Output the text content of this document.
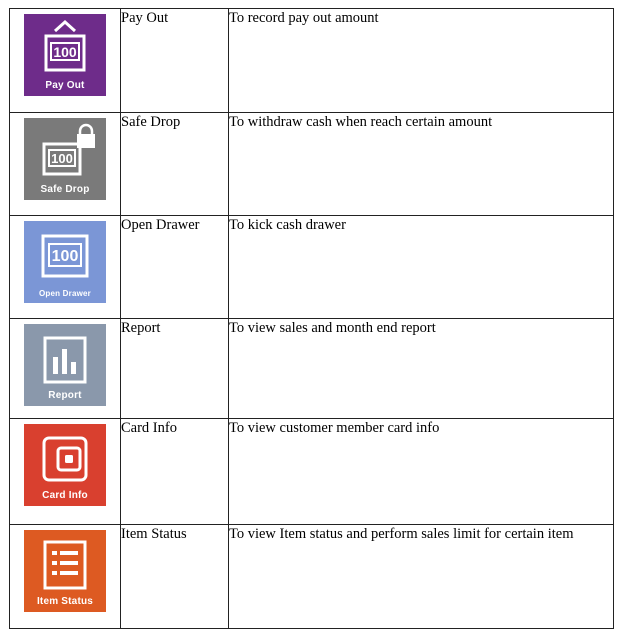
100
Pay Out	Pay Out	To record pay out amount

100
Safe Drop	Safe Drop	To withdraw cash when reach certain amount

100
Open Drawer	Open Drawer	To kick cash drawer

Report	Report	To view sales and month end report

Card Info	Card Info	To view customer member card info

Item Status	Item Status	To view Item status and perform sales limit for certain item
